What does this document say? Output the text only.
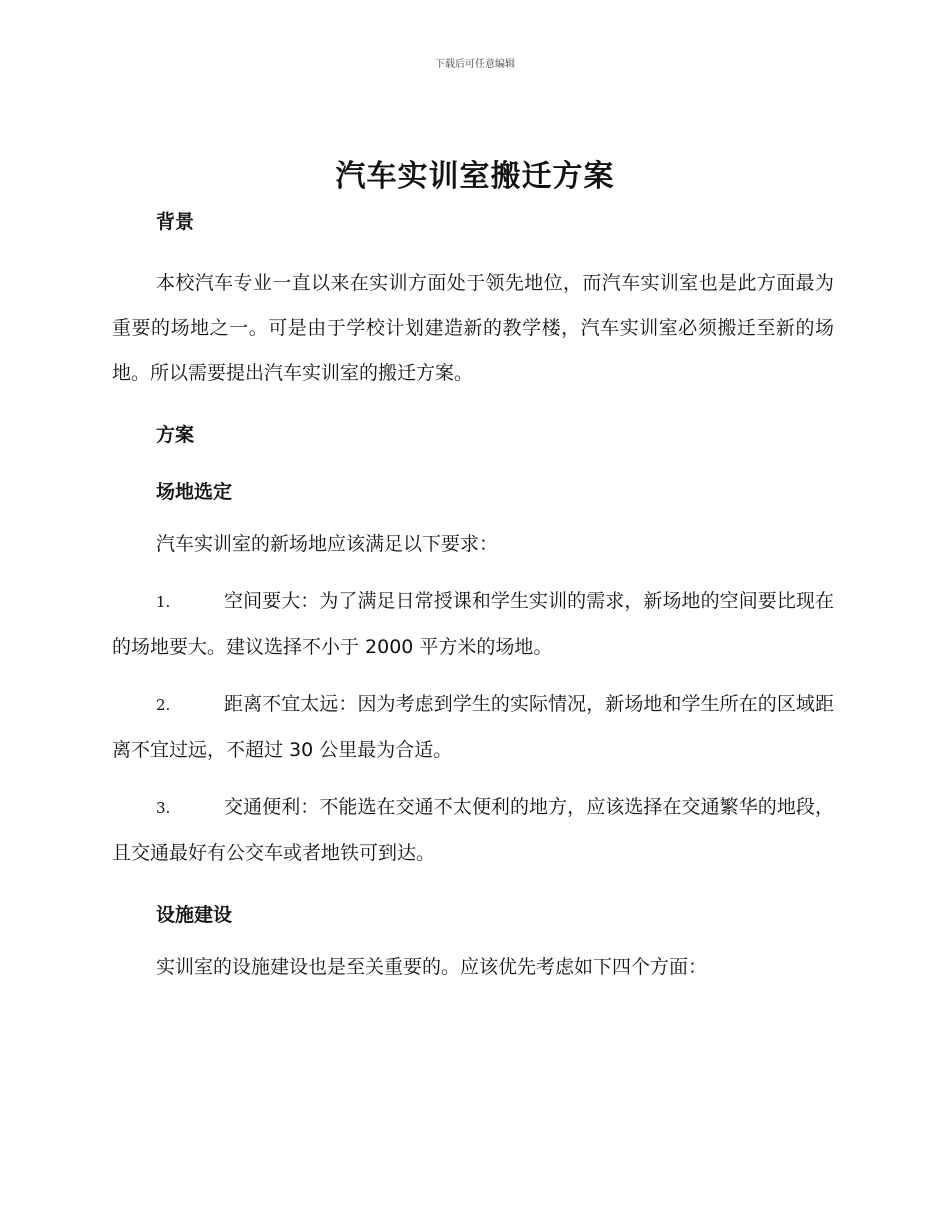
下载后可任意编辑
汽车实训室搬迁方案
背景

本校汽车专业一直以来在实训方面处于领先地位，而汽车实训室也是此方面最为重要的场地之一。可是由于学校计划建造新的教学楼，汽车实训室必须搬迁至新的场地。所以需要提出汽车实训室的搬迁方案。

方案
场地选定

汽车实训室的新场地应该满足以下要求：

1.	空间要大：为了满足日常授课和学生实训的需求，新场地的空间要比现在的场地要大。建议选择不小于 2000 平方米的场地。

2.	距离不宜太远：因为考虑到学生的实际情况，新场地和学生所在的区域距离不宜过远，不超过 30 公里最为合适。

3.	交通便利：不能选在交通不太便利的地方，应该选择在交通繁华的地段，且交通最好有公交车或者地铁可到达。

设施建设

实训室的设施建设也是至关重要的。应该优先考虑如下四个方面：
